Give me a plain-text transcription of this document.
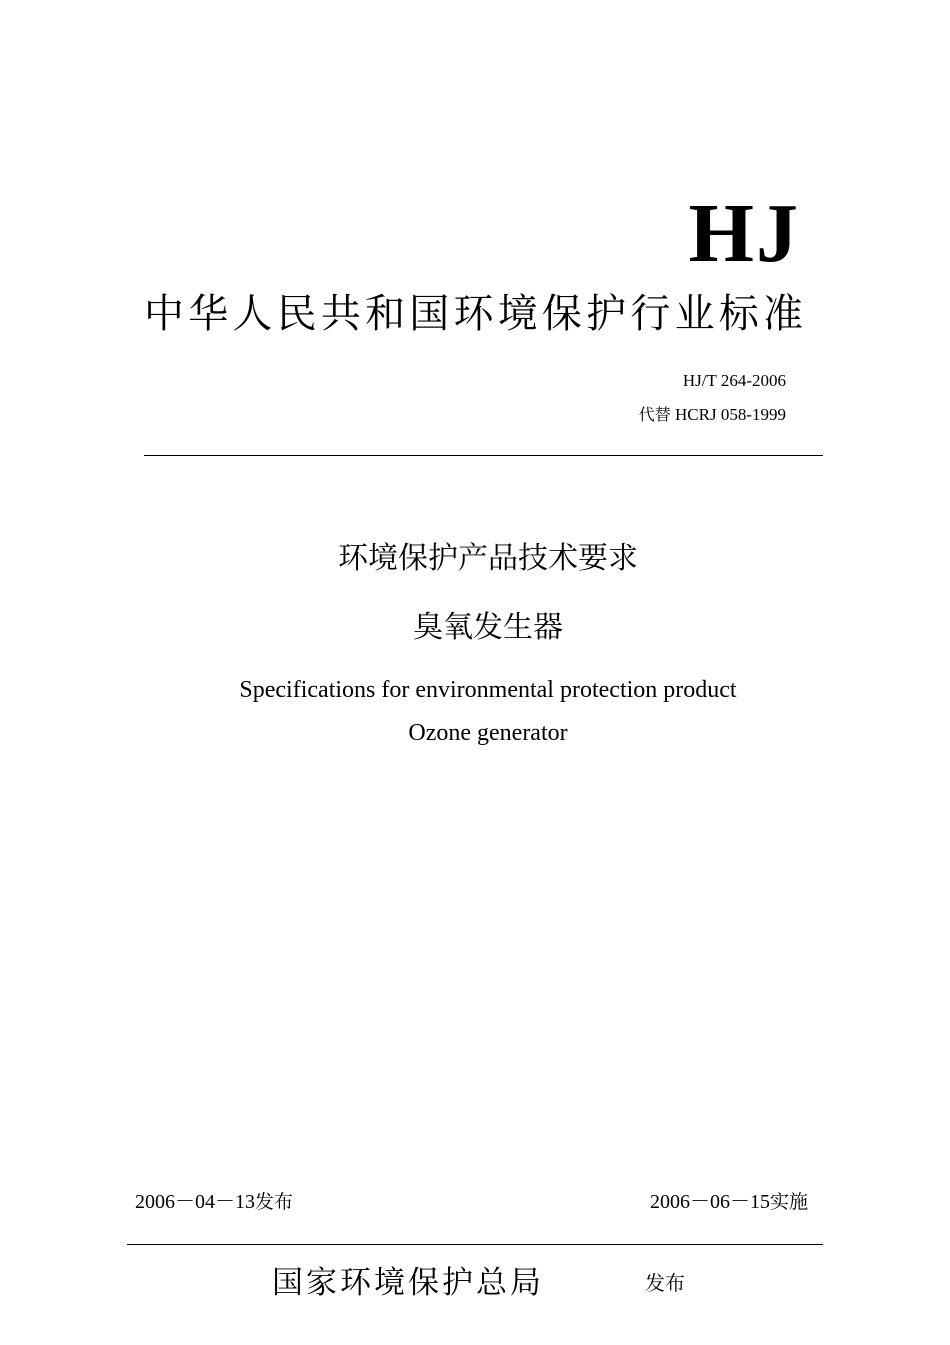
HJ
中华人民共和国环境保护行业标准
HJ/T 264-2006
代替 HCRJ 058-1999
环境保护产品技术要求
臭氧发生器
Specifications for environmental protection product
Ozone generator
2006－04－13发布	2006－06－15实施
国家环境保护总局	发布
